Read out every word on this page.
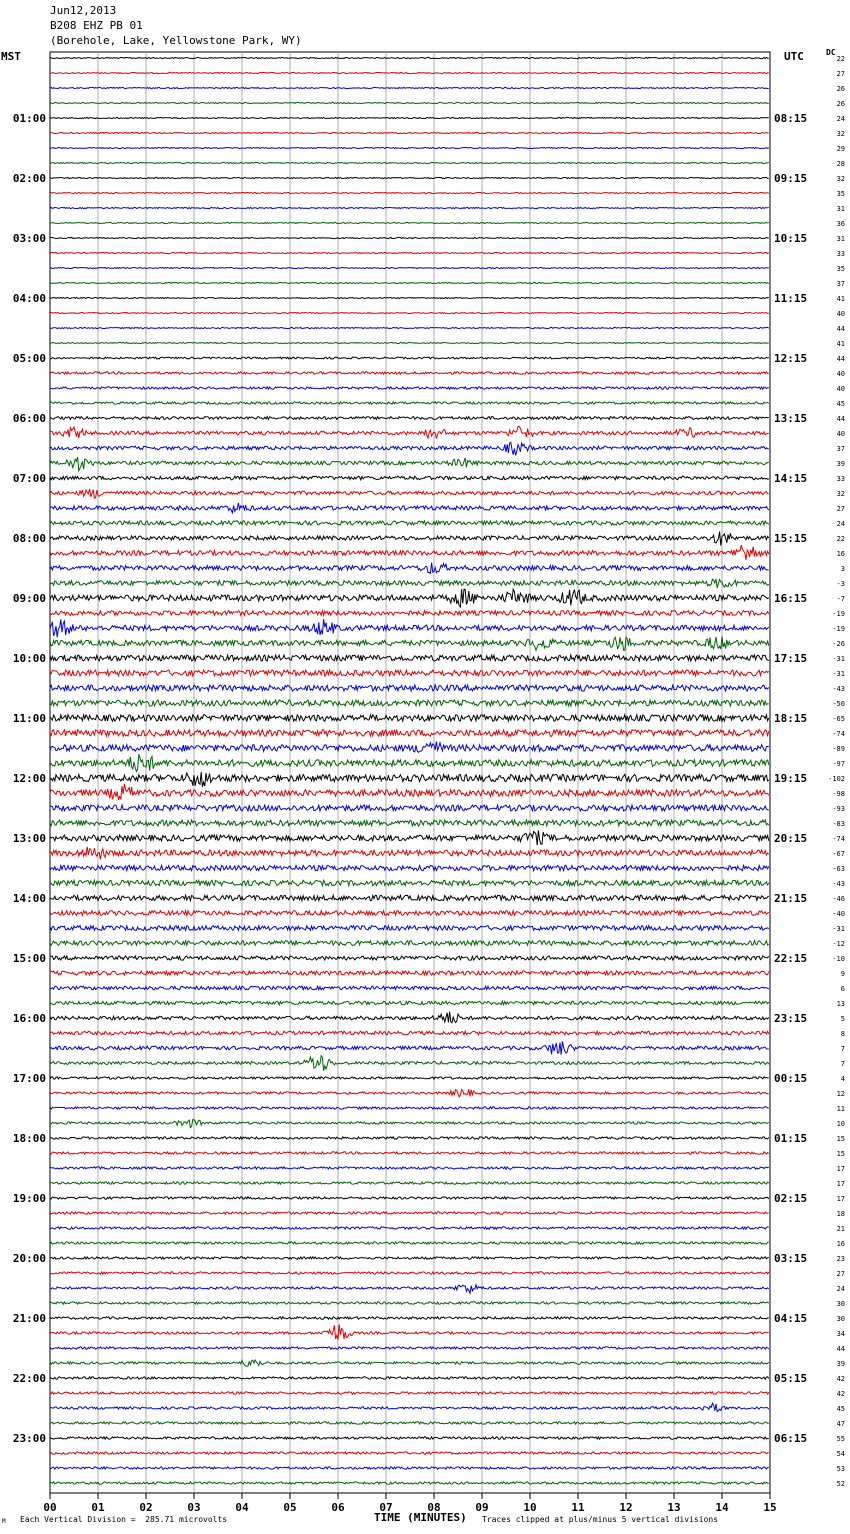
Jun12,2013
B208 EHZ PB 01
(Borehole, Lake, Yellowstone Park, WY)
MST	UTC	DC
01:00	08:15
02:00	09:15
03:00	10:15
04:00	11:15
05:00	12:15
06:00	13:15
07:00	14:15
08:00	15:15
09:00	16:15
10:00	17:15
11:00	18:15
12:00	19:15
13:00	20:15
14:00	21:15
15:00	22:15
16:00	23:15
17:00	00:15
18:00	01:15
19:00	02:15
20:00	03:15
21:00	04:15
22:00	05:15
23:00	06:15
22
27
26
26
24
32
29
28
32
35
31
36
31
33
35
37
41
40
44
41
44
40
40
45
44
40
37
39
33
32
27
24
22
16
3
-3
-7
-19
-19
-26
-31
-31
-43
-50
-65
-74
-89
-97
-102
-98
-93
-83
-74
-67
-63
-43
-46
-40
-31
-12
-10
9
6
13
5
8
7
7
4
12
11
10
15
15
17
17
17
18
21
16
23
27
24
30
30
34
44
39
42
42
45
47
55
54
53
52
00	01	02	03	04	05	06	07	08	09	10	11	12	13	14	15
M Each Vertical Division =  285.71 microvolts	TIME (MINUTES) Traces clipped at plus/minus 5 vertical divisions
